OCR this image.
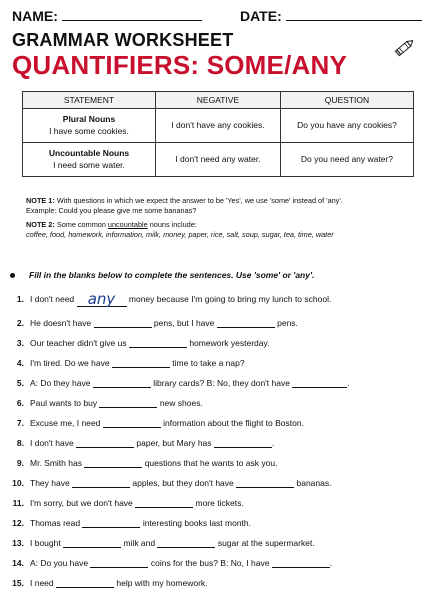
NAME:	DATE:
GRAMMAR WORKSHEET
QUANTIFIERS: SOME/ANY
STATEMENT	NEGATIVE	QUESTION
Plural Nouns
I have some cookies.	I don't have any cookies.	Do you have any cookies?
Uncountable Nouns
I need some water.	I don't need any water.	Do you need any water?

NOTE 1: With questions in which we expect the answer to be 'Yes', we use 'some' instead of 'any'.
Example: Could you please give me some bananas?

NOTE 2: Some common uncountable nouns include:
coffee, food, homework, information, milk, money, paper, rice, salt, soup, sugar, tea, time, water

Fill in the blanks below to complete the sentences. Use 'some' or 'any'.
1. I don't need any money because I'm going to bring my lunch to school.
2. He doesn't have	pens, but I have	pens.
3. Our teacher didn't give us	homework yesterday.
4. I'm tired. Do we have	time to take a nap?
5. A: Do they have	library cards? B: No, they don't have	.
6. Paul wants to buy	new shoes.
7. Excuse me, I need	information about the flight to Boston.
8. I don't have	paper, but Mary has	.
9. Mr. Smith has	questions that he wants to ask you.
10. They have	apples, but they don't have	bananas.
11. I'm sorry, but we don't have	more tickets.
12. Thomas read	interesting books last month.
13. I bought	milk and	sugar at the supermarket.
14. A: Do you have	coins for the bus? B: No, I have	.
15. I need	help with my homework.
